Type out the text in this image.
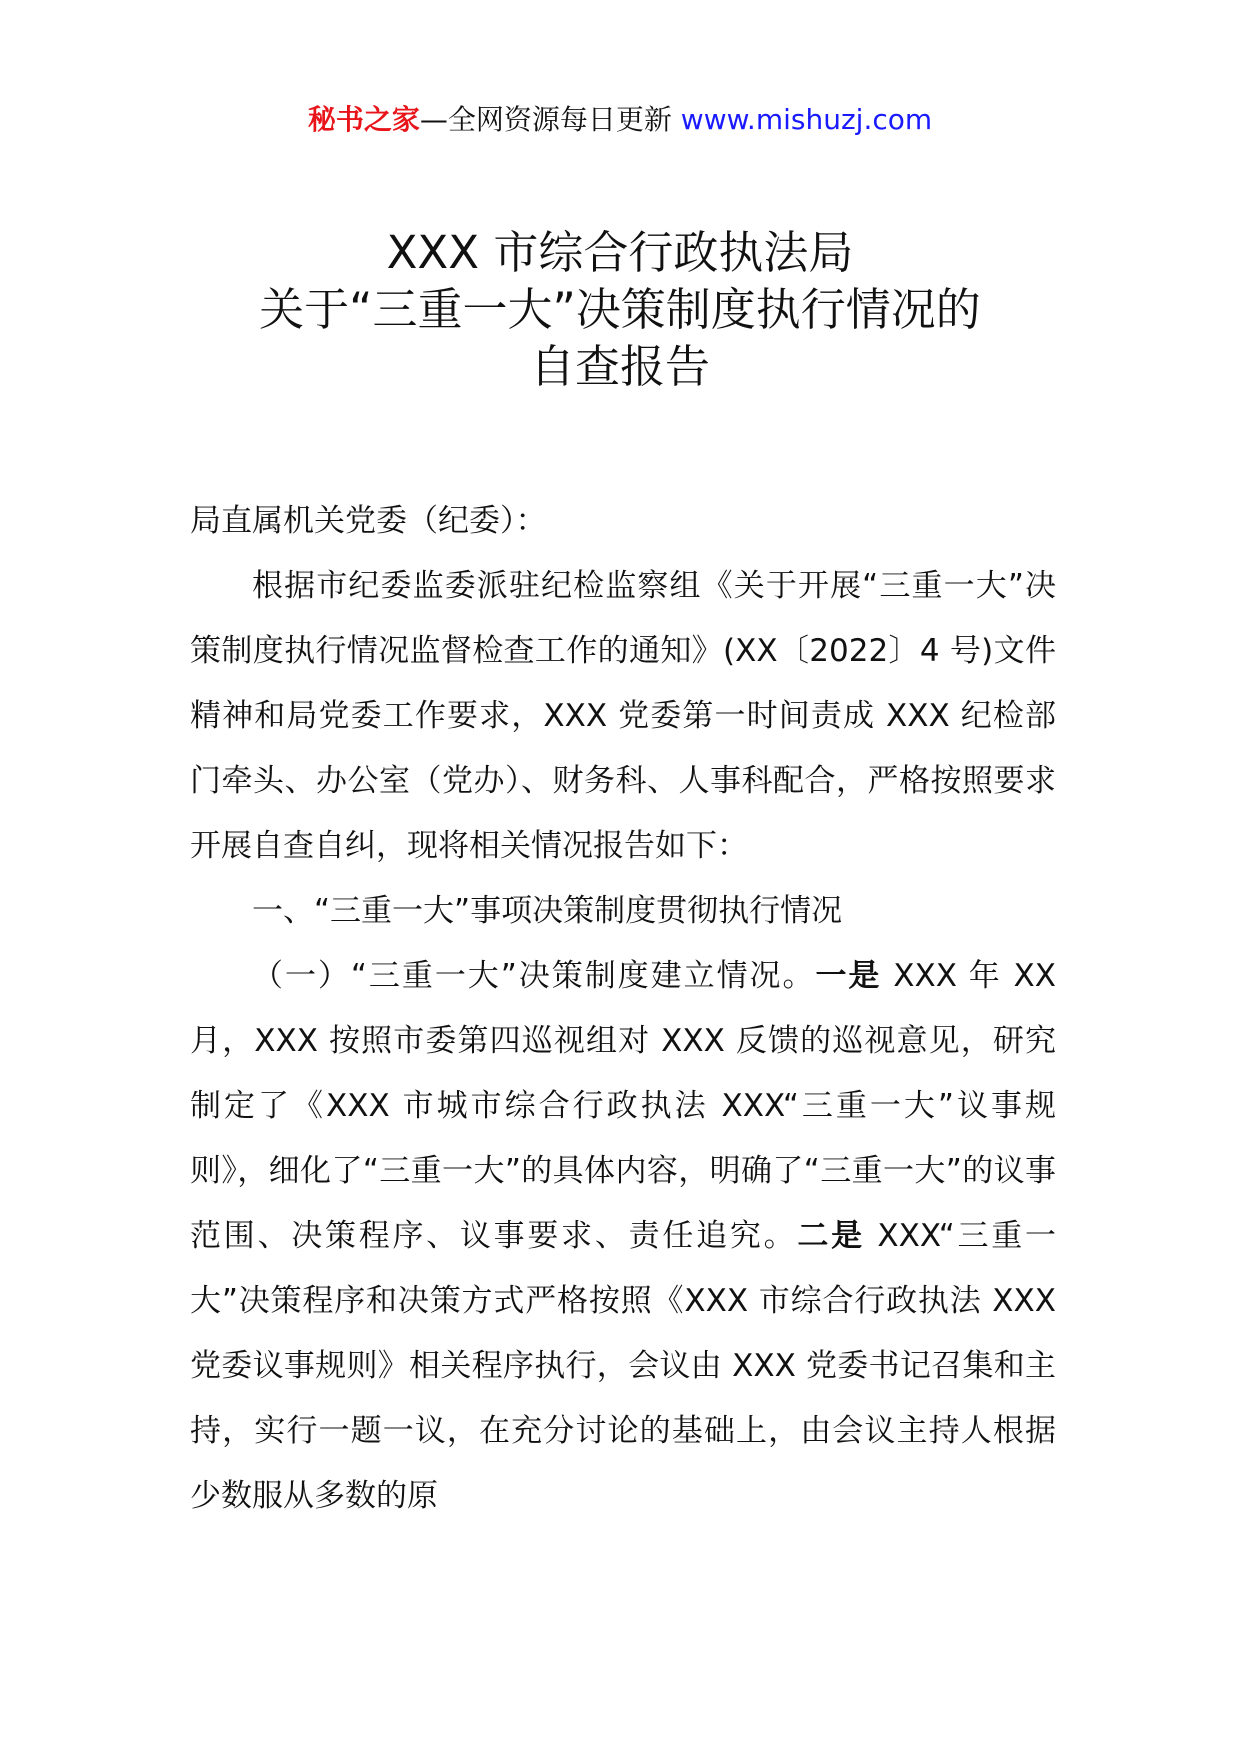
秘书之家—全网资源每日更新 www.mishuzj.com
XXX 市综合行政执法局
关于“三重一大”决策制度执行情况的
自查报告

局直属机关党委（纪委）：

根据市纪委监委派驻纪检监察组《关于开展“三重一大”决策制度执行情况监督检查工作的通知》(XX〔2022〕4 号)文件精神和局党委工作要求，XXX 党委第一时间责成 XXX 纪检部门牵头、办公室（党办）、财务科、人事科配合，严格按照要求开展自查自纠，现将相关情况报告如下：

一、“三重一大”事项决策制度贯彻执行情况

（一）“三重一大”决策制度建立情况。一是 XXX 年 XX 月，XXX 按照市委第四巡视组对 XXX 反馈的巡视意见，研究制定了《XXX 市城市综合行政执法 XXX“三重一大”议事规则》，细化了“三重一大”的具体内容，明确了“三重一大”的议事范围、决策程序、议事要求、责任追究。二是 XXX“三重一大”决策程序和决策方式严格按照《XXX 市综合行政执法 XXX 党委议事规则》相关程序执行，会议由 XXX 党委书记召集和主持，实行一题一议，在充分讨论的基础上，由会议主持人根据少数服从多数的原
